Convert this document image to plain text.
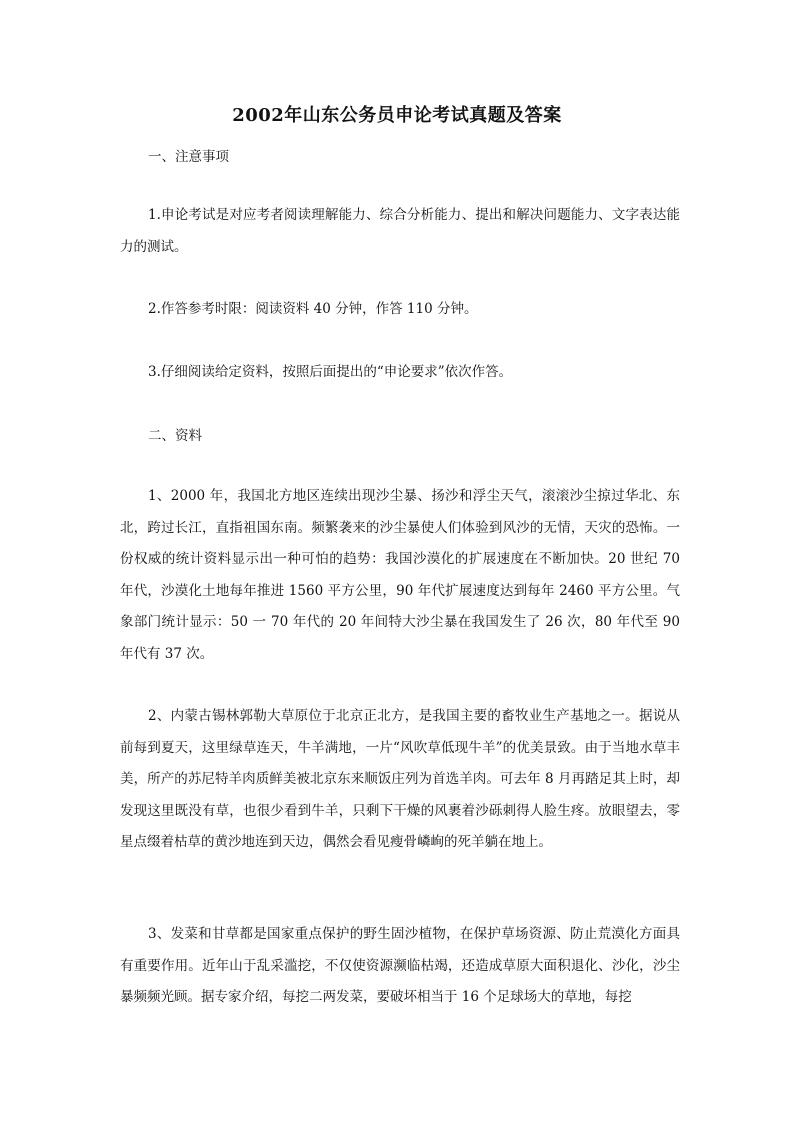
2002年山东公务员申论考试真题及答案

一、注意事项

1.申论考试是对应考者阅读理解能力、综合分析能力、提出和解决问题能力、文字表达能力的测试。

2.作答参考时限：阅读资料 40 分钟，作答 110 分钟。

3.仔细阅读给定资料，按照后面提出的“申论要求”依次作答。

二、资料

1、2000 年，我国北方地区连续出现沙尘暴、扬沙和浮尘天气，滚滚沙尘掠过华北、东北，跨过长江，直指祖国东南。频繁袭来的沙尘暴使人们体验到风沙的无情，天灾的恐怖。一份权威的统计资料显示出一种可怕的趋势：我国沙漠化的扩展速度在不断加快。20 世纪 70 年代，沙漠化土地每年推进 1560 平方公里，90 年代扩展速度达到每年 2460 平方公里。气象部门统计显示：50 一 70 年代的 20 年间特大沙尘暴在我国发生了 26 次，80 年代至 90 年代有 37 次。

2、内蒙古锡林郭勒大草原位于北京正北方，是我国主要的畜牧业生产基地之一。据说从前每到夏天，这里绿草连天，牛羊满地，一片“风吹草低现牛羊”的优美景致。由于当地水草丰美，所产的苏尼特羊肉质鲜美被北京东来顺饭庄列为首选羊肉。可去年 8 月再踏足其上时，却发现这里既没有草，也很少看到牛羊，只剩下干燥的风裹着沙砾刺得人脸生疼。放眼望去，零星点缀着枯草的黄沙地连到天边，偶然会看见瘦骨嶙峋的死羊躺在地上。

3、发菜和甘草都是国家重点保护的野生固沙植物，在保护草场资源、防止荒漠化方面具有重要作用。近年山于乱采滥挖，不仅使资源濒临枯竭，还造成草原大面积退化、沙化，沙尘暴频频光顾。据专家介绍，每挖二两发菜，要破坏相当于 16 个足球场大的草地，每挖
